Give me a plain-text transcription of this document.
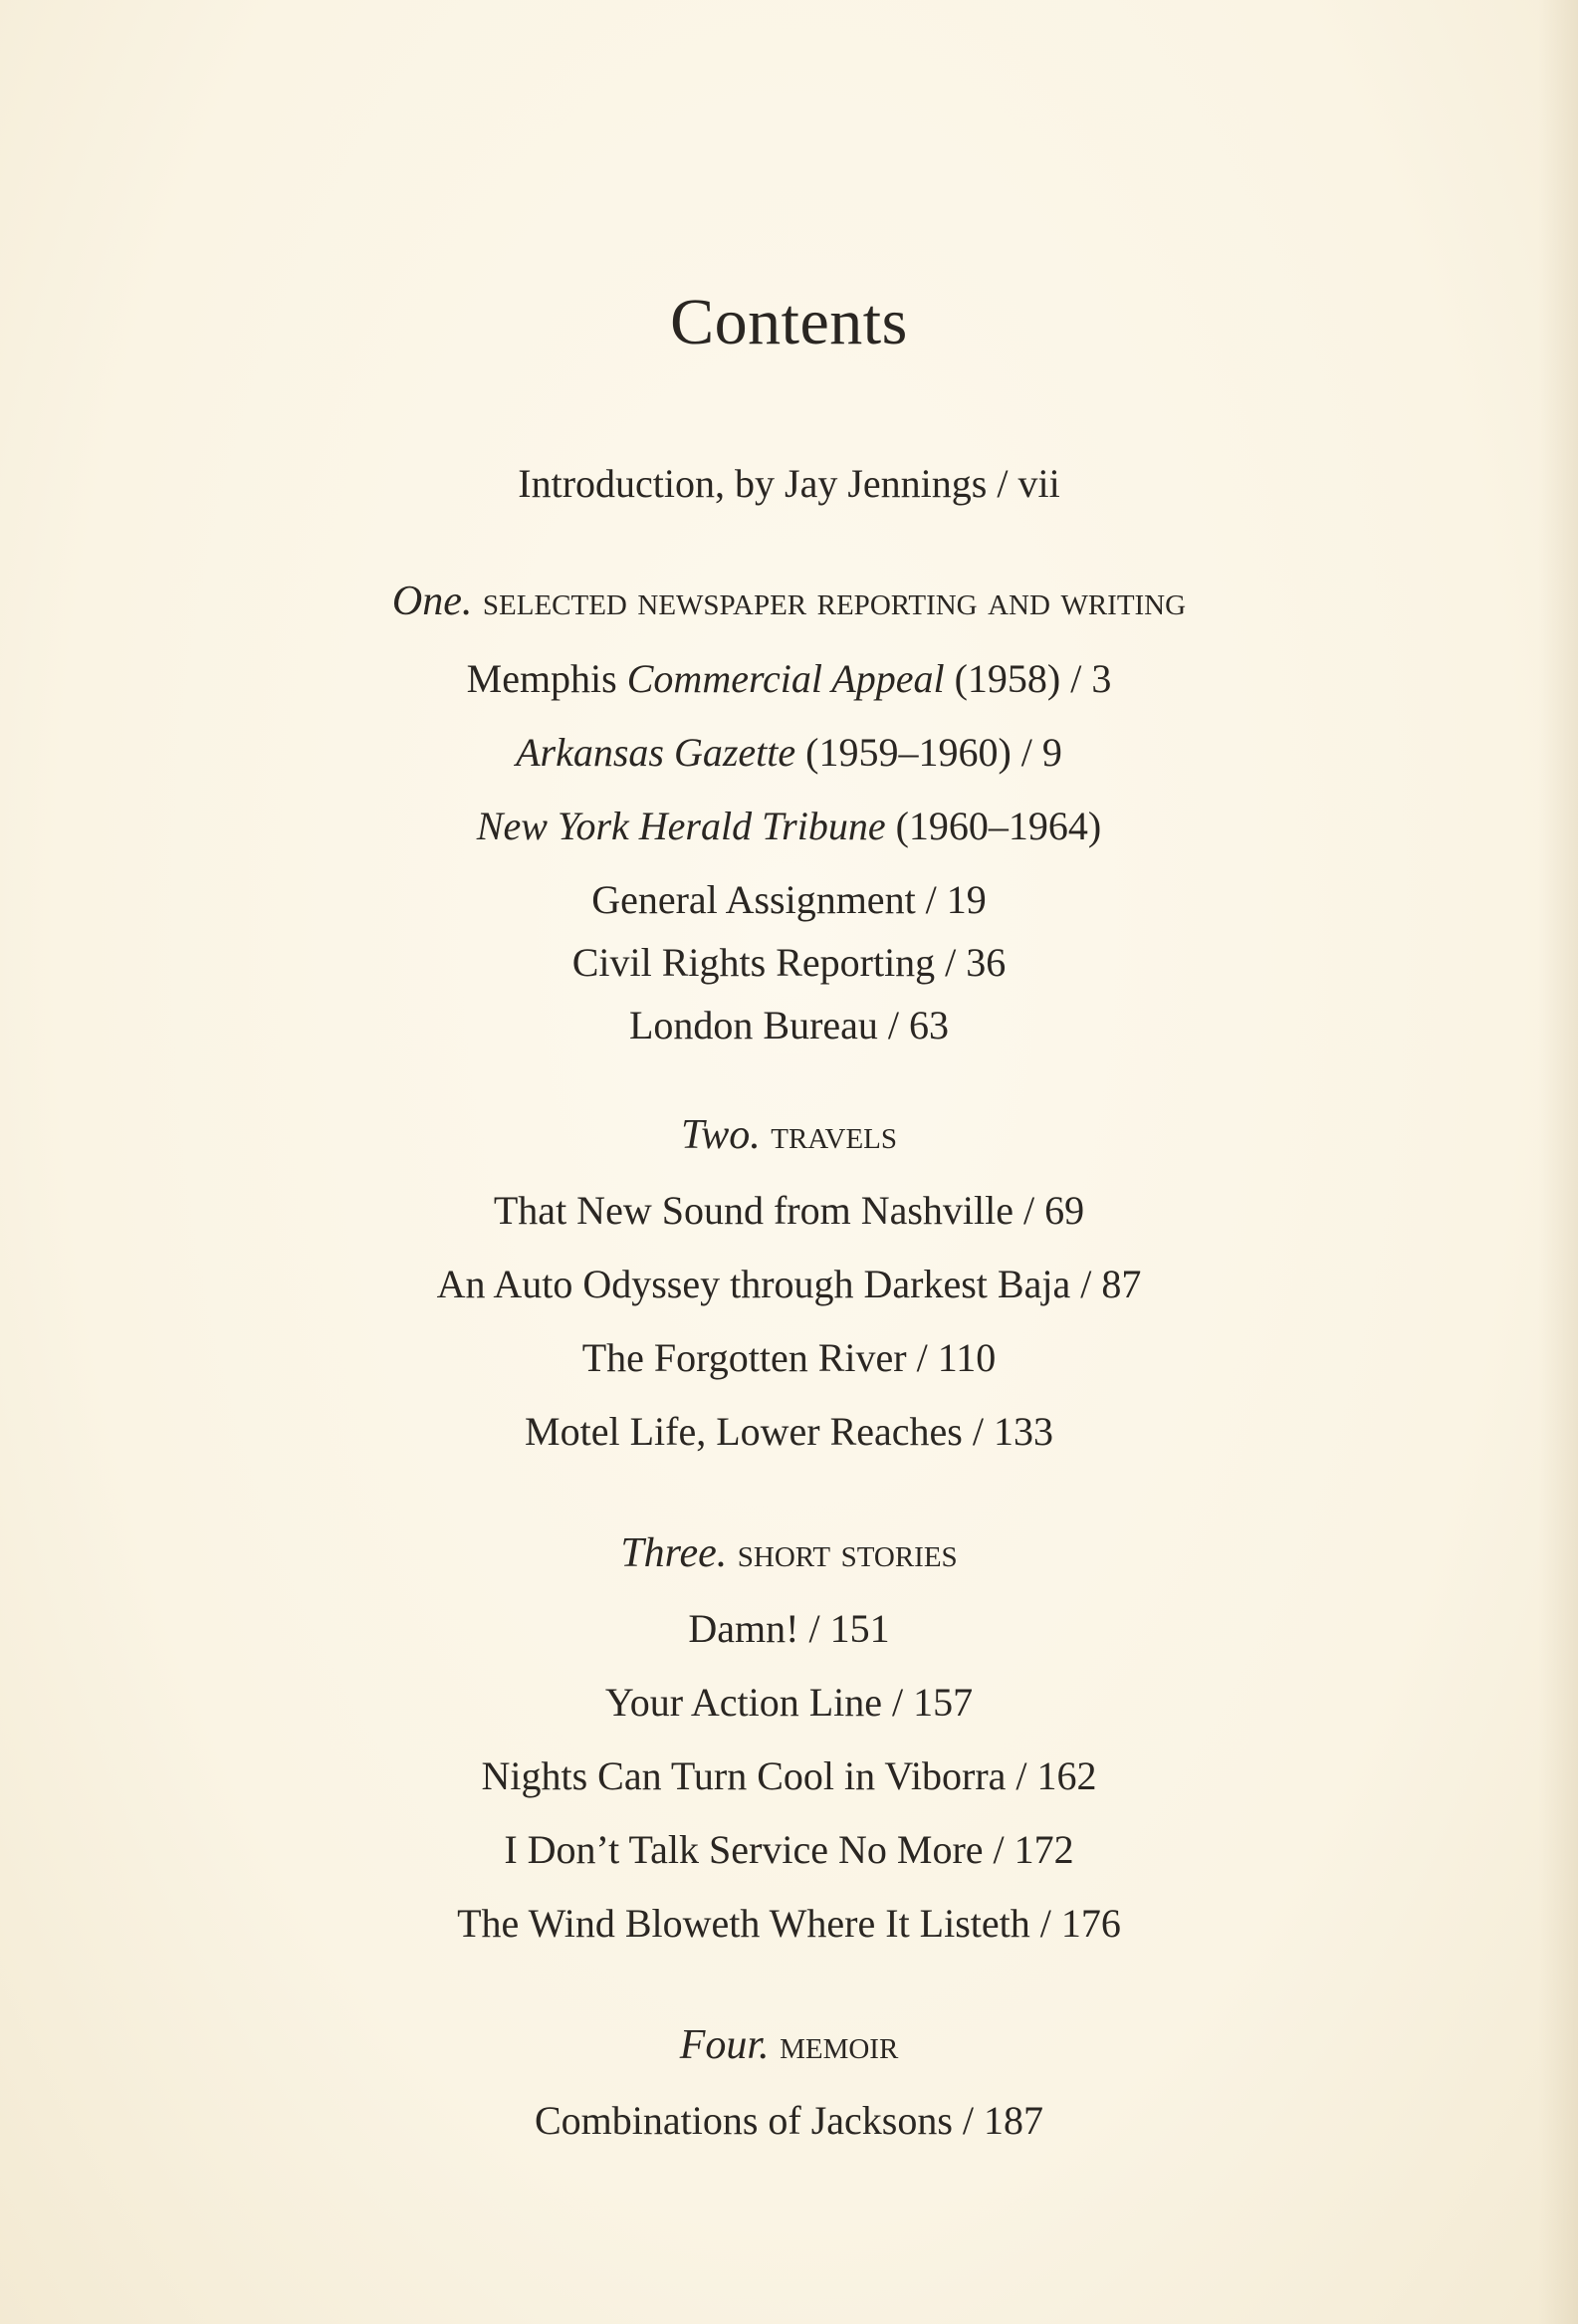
Contents
Introduction, by Jay Jennings / vii
One. selected newspaper reporting and writing
Memphis Commercial Appeal (1958) / 3
Arkansas Gazette (1959–1960) / 9
New York Herald Tribune (1960–1964)
General Assignment / 19
Civil Rights Reporting / 36
London Bureau / 63
Two. travels
That New Sound from Nashville / 69
An Auto Odyssey through Darkest Baja / 87
The Forgotten River / 110
Motel Life, Lower Reaches / 133
Three. short stories
Damn! / 151
Your Action Line / 157
Nights Can Turn Cool in Viborra / 162
I Don’t Talk Service No More / 172
The Wind Bloweth Where It Listeth / 176
Four. memoir
Combinations of Jacksons / 187
